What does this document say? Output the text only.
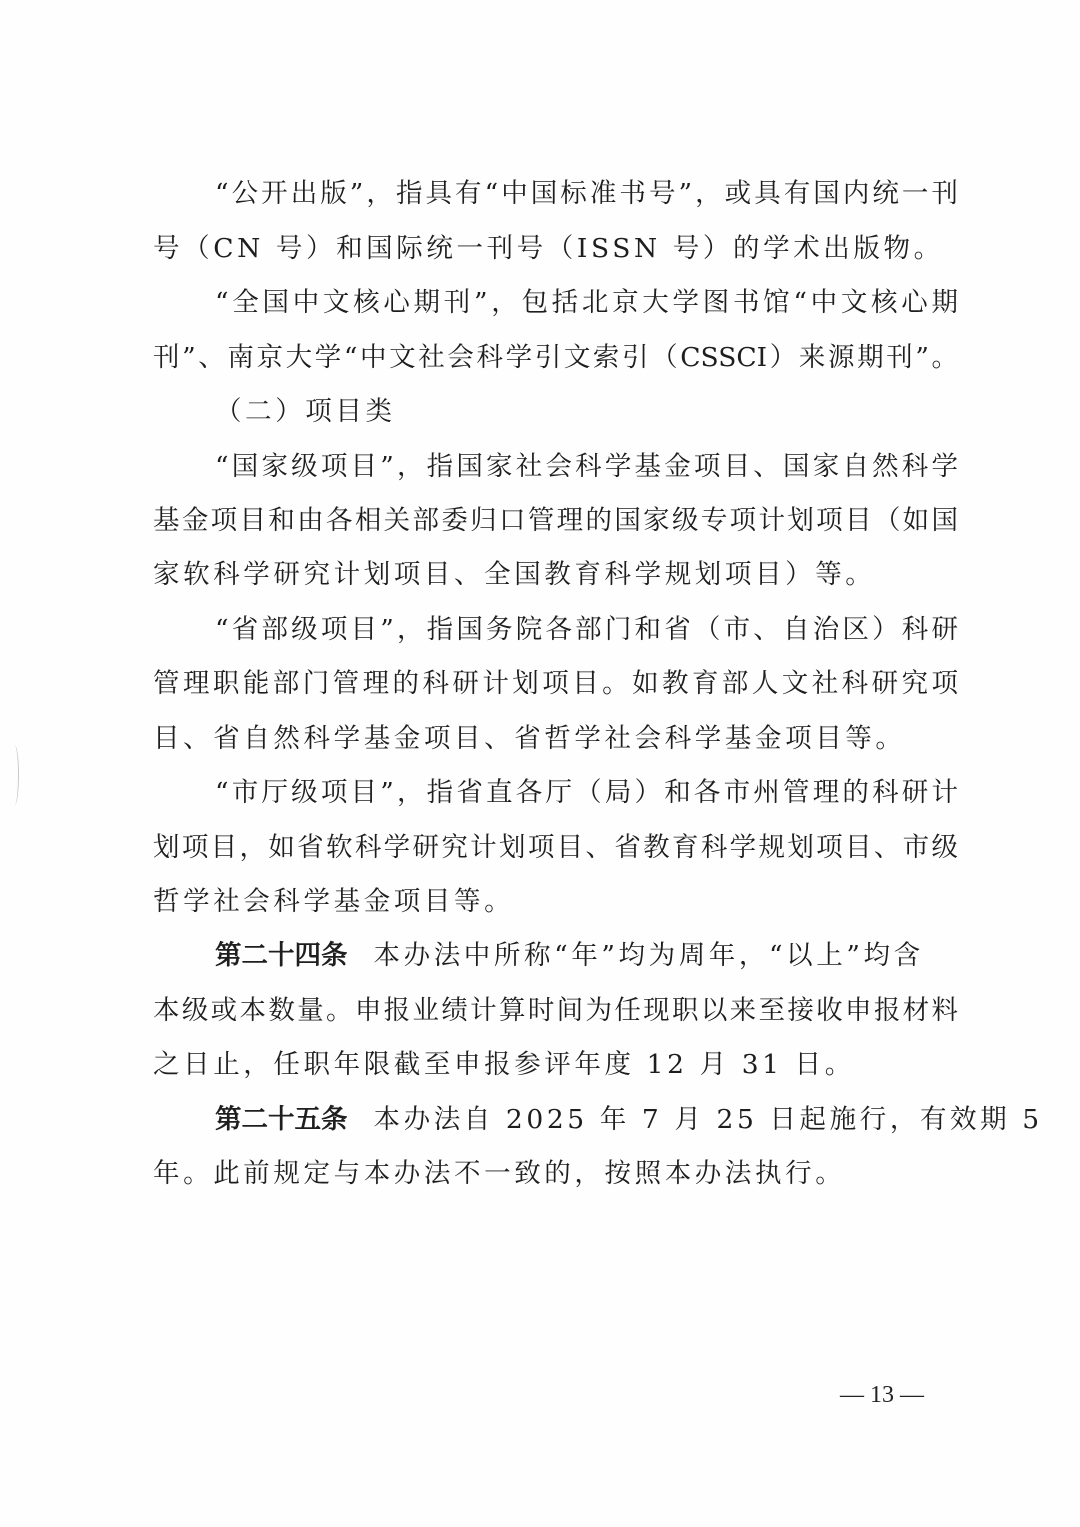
“公开出版”，指具有“中国标准书号”，或具有国内统一刊
号（CN 号）和国际统一刊号（ISSN 号）的学术出版物。
“全国中文核心期刊”，包括北京大学图书馆“中文核心期
刊”、南京大学“中文社会科学引文索引（CSSCI）来源期刊”。
（二）项目类
“国家级项目”，指国家社会科学基金项目、国家自然科学
基金项目和由各相关部委归口管理的国家级专项计划项目（如国
家软科学研究计划项目、全国教育科学规划项目）等。
“省部级项目”，指国务院各部门和省（市、自治区）科研
管理职能部门管理的科研计划项目。如教育部人文社科研究项
目、省自然科学基金项目、省哲学社会科学基金项目等。
“市厅级项目”，指省直各厅（局）和各市州管理的科研计
划项目，如省软科学研究计划项目、省教育科学规划项目、市级
哲学社会科学基金项目等。
第二十四条 本办法中所称“年”均为周年，“以上”均含
本级或本数量。申报业绩计算时间为任现职以来至接收申报材料
之日止，任职年限截至申报参评年度 12 月 31 日。
第二十五条 本办法自 2025 年 7 月 25 日起施行，有效期 5
年。此前规定与本办法不一致的，按照本办法执行。
— 13 —
